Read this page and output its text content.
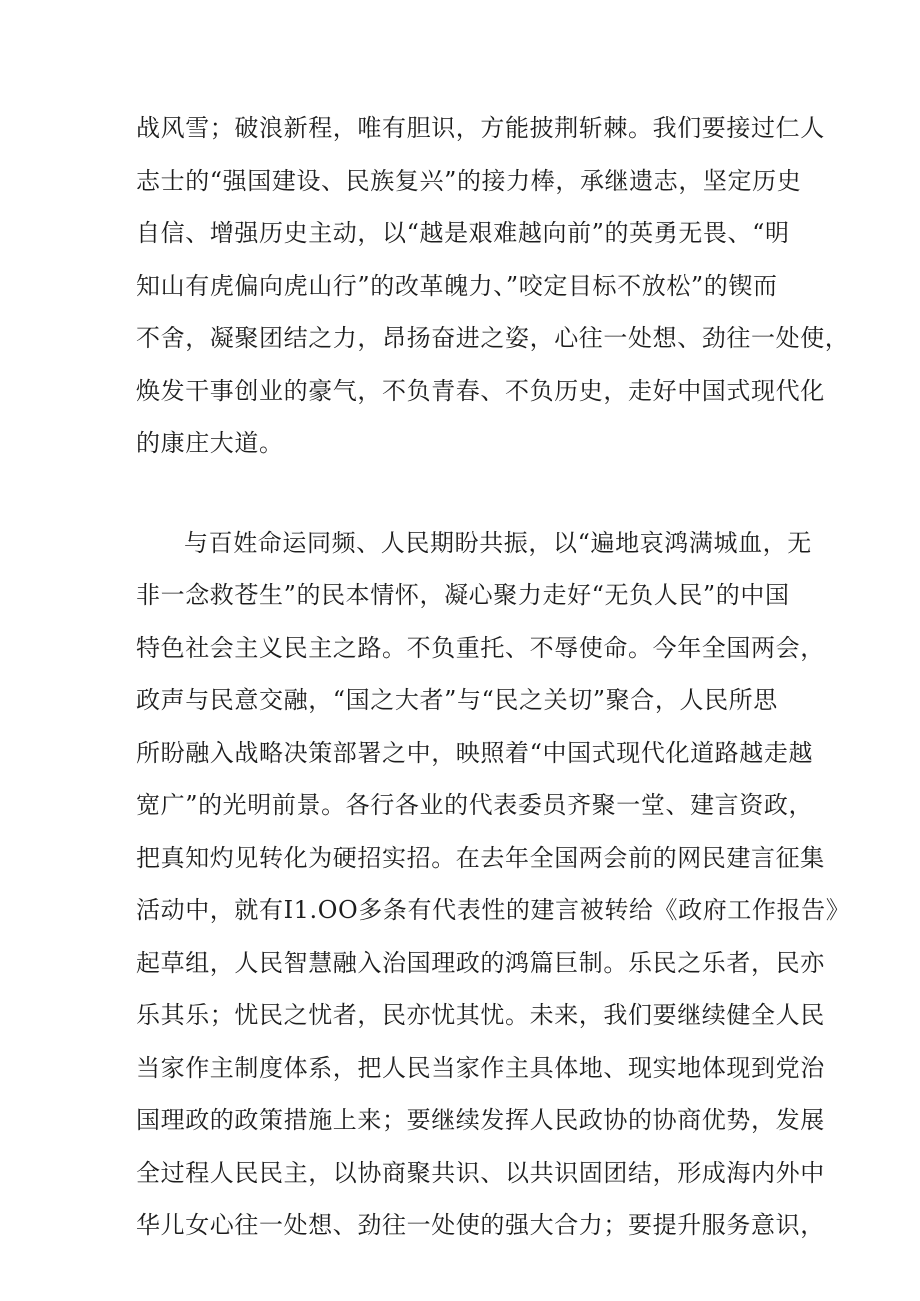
战风雪；破浪新程，唯有胆识，方能披荆斩棘。我们要接过仁人
志士的“强国建设、民族复兴”的接力棒，承继遗志，坚定历史
自信、增强历史主动，以“越是艰难越向前”的英勇无畏、“明
知山有虎偏向虎山行”的改革魄力、”咬定目标不放松”的锲而
不舍，凝聚团结之力，昂扬奋进之姿，心往一处想、劲往一处使，
焕发干事创业的豪气，不负青春、不负历史，走好中国式现代化
的康庄大道。
与百姓命运同频、人民期盼共振，以“遍地哀鸿满城血，无
非一念救苍生”的民本情怀，凝心聚力走好“无负人民”的中国
特色社会主义民主之路。不负重托、不辱使命。今年全国两会，
政声与民意交融，“国之大者”与“民之关切”聚合，人民所思
所盼融入战略决策部署之中，映照着“中国式现代化道路越走越
宽广”的光明前景。各行各业的代表委员齐聚一堂、建言资政，
把真知灼见转化为硬招实招。在去年全国两会前的网民建言征集
活动中，就有I1.OO多条有代表性的建言被转给《政府工作报告》
起草组，人民智慧融入治国理政的鸿篇巨制。乐民之乐者，民亦
乐其乐；忧民之忧者，民亦忧其忧。未来，我们要继续健全人民
当家作主制度体系，把人民当家作主具体地、现实地体现到党治
国理政的政策措施上来；要继续发挥人民政协的协商优势，发展
全过程人民民主，以协商聚共识、以共识固团结，形成海内外中
华儿女心往一处想、劲往一处使的强大合力；要提升服务意识，
